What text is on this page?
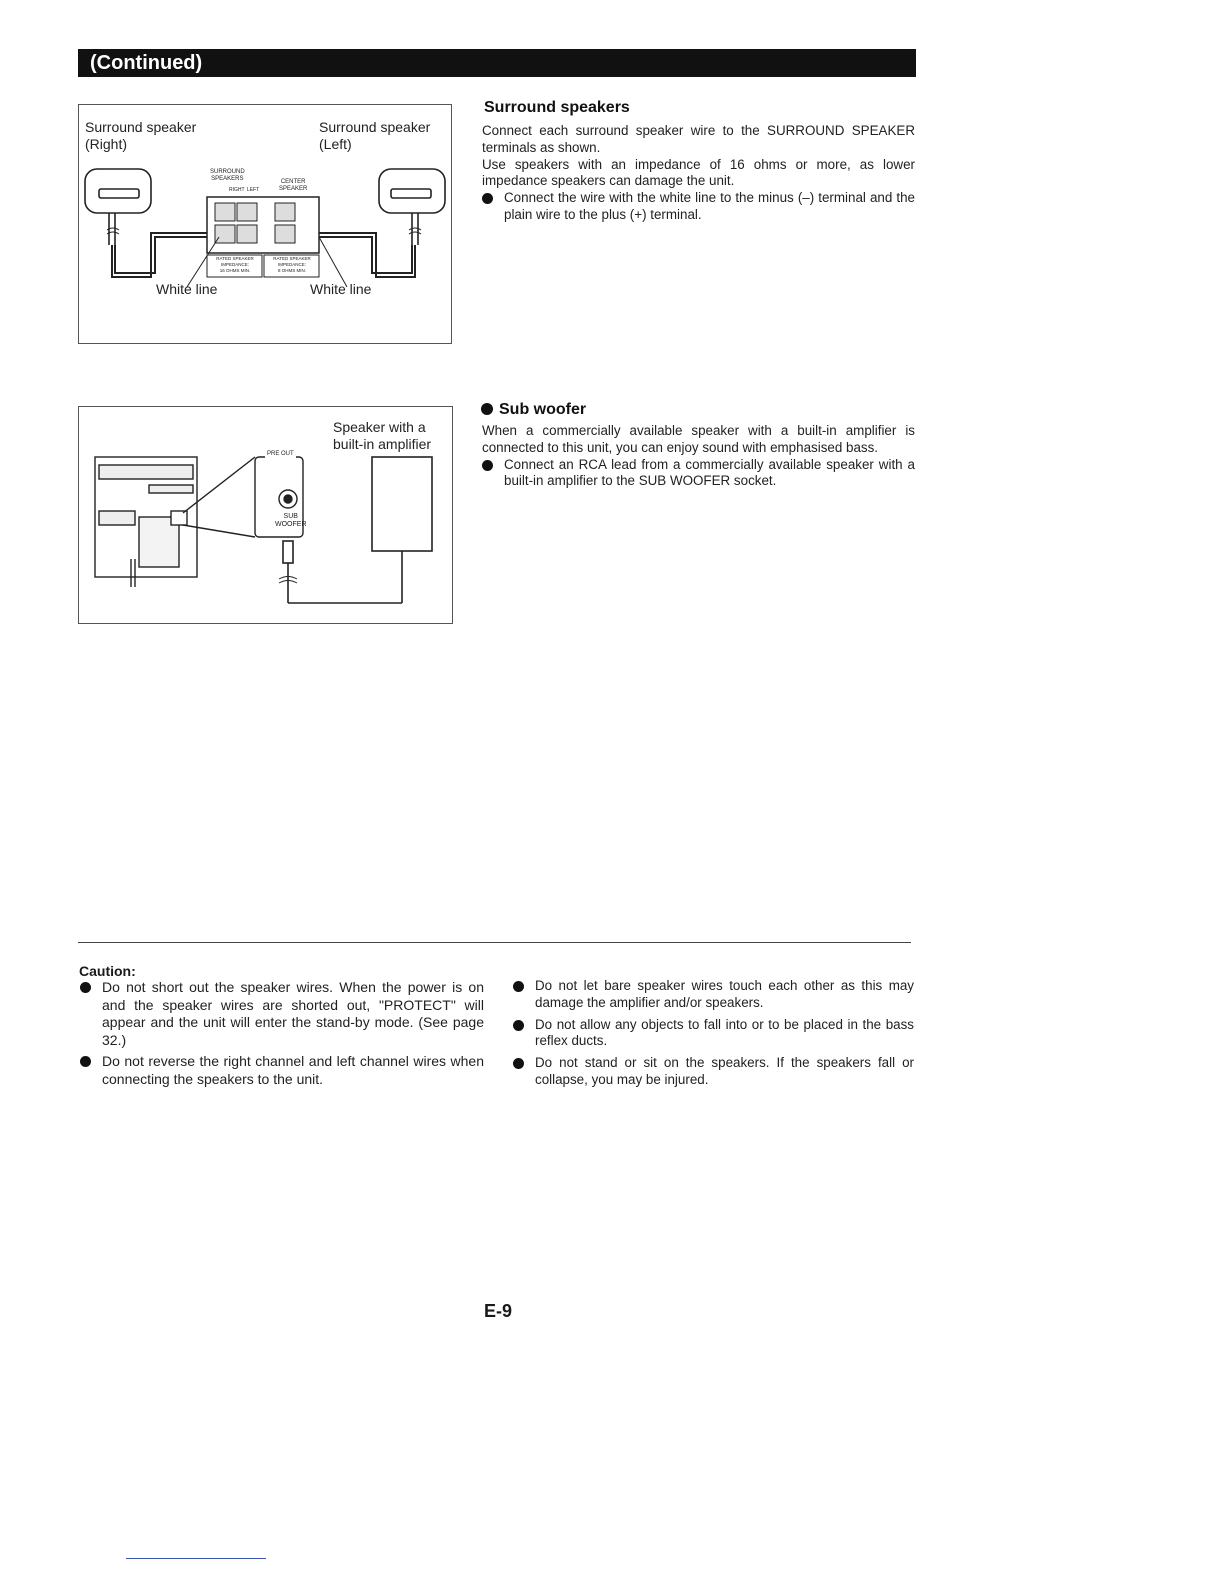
(Continued)
Surround speaker
(Right)
Surround speaker
(Left)
SURROUND
SPEAKERS
RIGHT LEFT
CENTER
SPEAKER
RATED SPEAKER
IMPEDANCE:
16 OHMS MIN.
RATED SPEAKER
IMPEDANCE:
8 OHMS MIN.
White line	White line
Speaker with a
built-in amplifier
PRE OUT
SUB
WOOFER
Surround speakers
Connect each surround speaker wire to the SURROUND SPEAKER terminals as shown.
Use speakers with an impedance of 16 ohms or more, as lower impedance speakers can damage the unit.
Connect the wire with the white line to the minus (–) terminal and the plain wire to the plus (+) terminal.
Sub woofer
When a commercially available speaker with a built-in amplifier is connected to this unit, you can enjoy sound with emphasised bass.
Connect an RCA lead from a commercially available speaker with a built-in amplifier to the SUB WOOFER socket.
Caution:
Do not short out the speaker wires. When the power is on and the speaker wires are shorted out, "PROTECT" will appear and the unit will enter the stand-by mode. (See page 32.)
Do not reverse the right channel and left channel wires when connecting the speakers to the unit.
Do not let bare speaker wires touch each other as this may damage the amplifier and/or speakers.
Do not allow any objects to fall into or to be placed in the bass reflex ducts.
Do not stand or sit on the speakers. If the speakers fall or collapse, you may be injured.
E-9
